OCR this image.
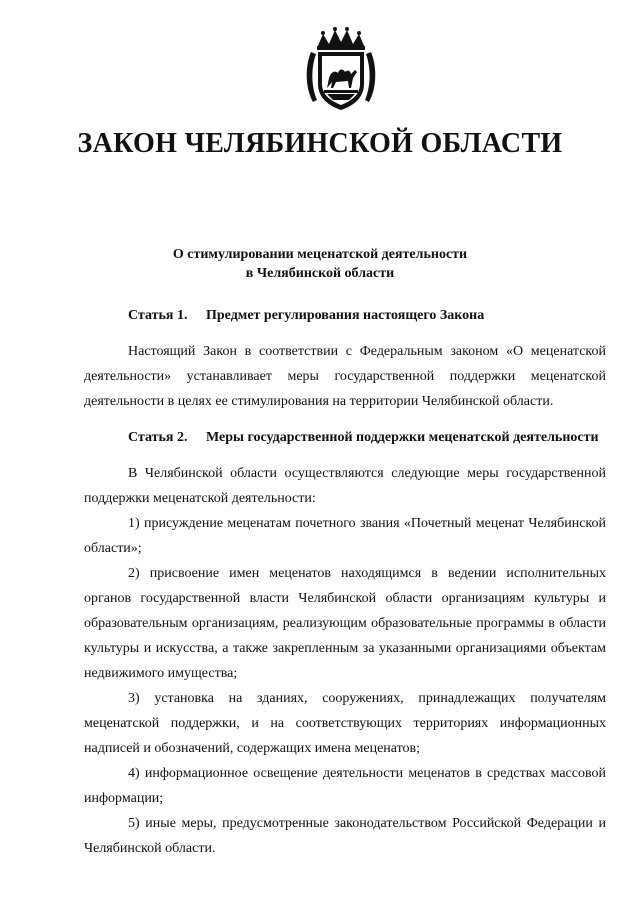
ЗАКОН ЧЕЛЯБИНСКОЙ ОБЛАСТИ
О стимулировании меценатской деятельности
в Челябинской области

Статья 1. Предмет регулирования настоящего Закона

Настоящий Закон в соответствии с Федеральным законом «О меценатской деятельности» устанавливает меры государственной поддержки меценатской деятельности в целях ее стимулирования на территории Челябинской области.

Статья 2. Меры государственной поддержки меценатской деятельности

В Челябинской области осуществляются следующие меры государственной поддержки меценатской деятельности:

1) присуждение меценатам почетного звания «Почетный меценат Челябинской области»;

2) присвоение имен меценатов находящимся в ведении исполнительных органов государственной власти Челябинской области организациям культуры и образовательным организациям, реализующим образовательные программы в области культуры и искусства, а также закрепленным за указанными организациями объектам недвижимого имущества;

3) установка на зданиях, сооружениях, принадлежащих получателям меценатской поддержки, и на соответствующих территориях информационных надписей и обозначений, содержащих имена меценатов;

4) информационное освещение деятельности меценатов в средствах массовой информации;

5) иные меры, предусмотренные законодательством Российской Федерации и Челябинской области.
